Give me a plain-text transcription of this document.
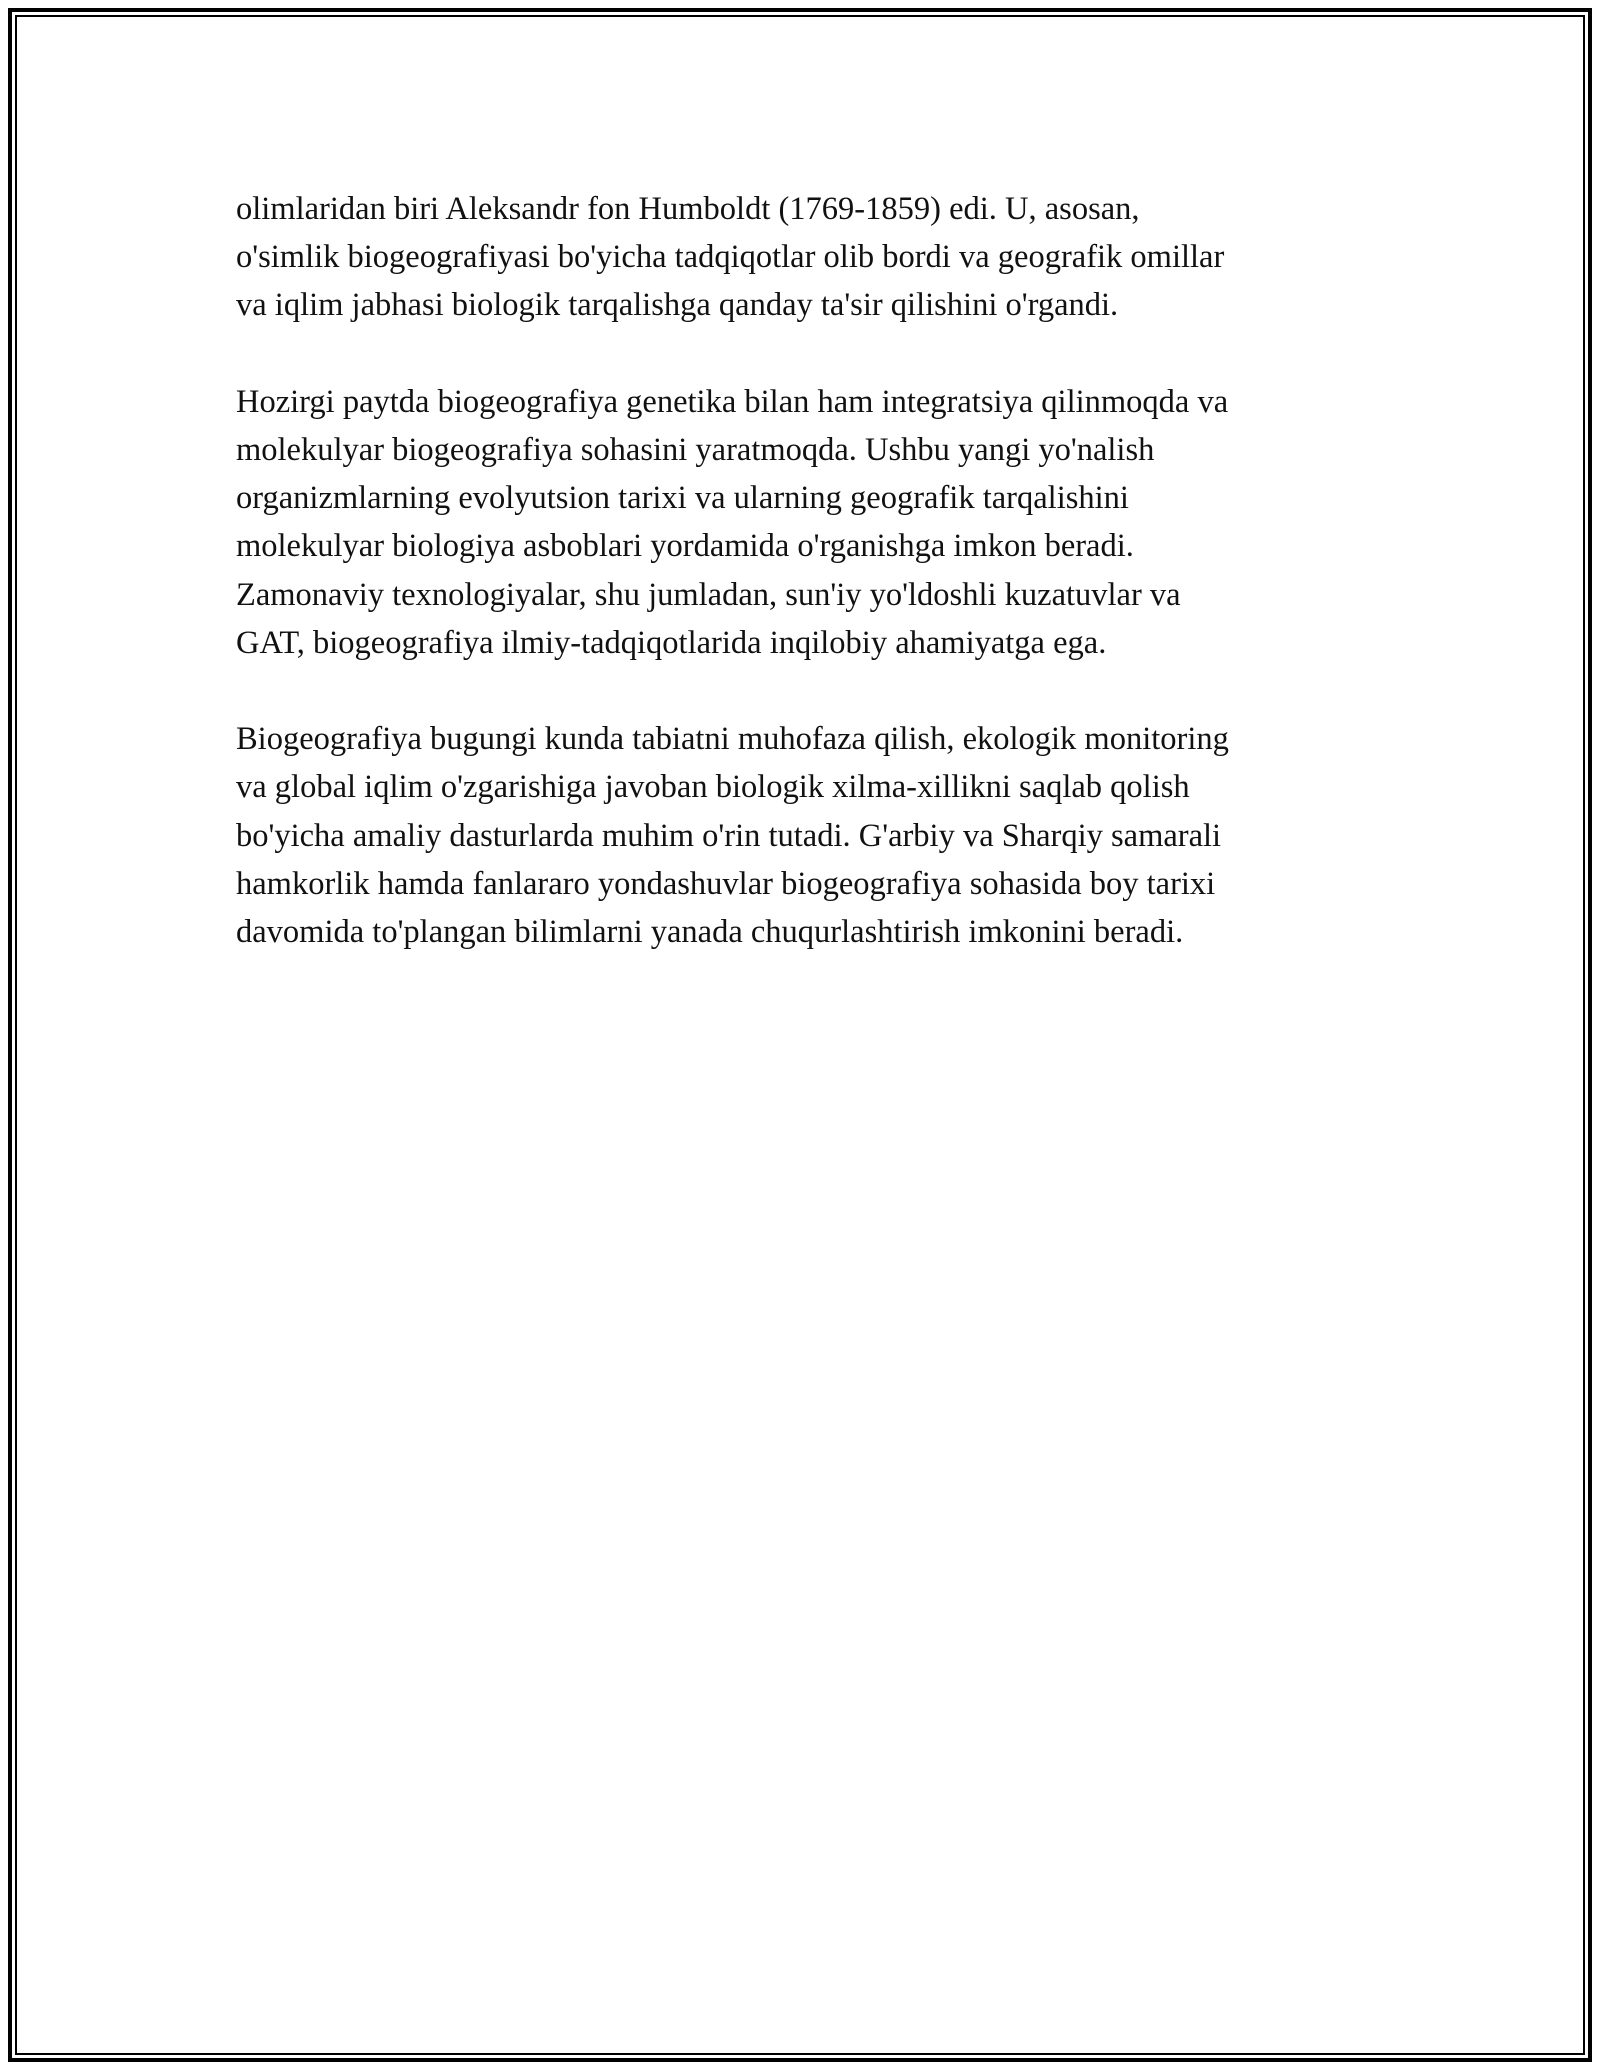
olimlaridan biri Aleksandr fon Humboldt (1769-1859) edi. U, asosan,
o'simlik biogeografiyasi bo'yicha tadqiqotlar olib bordi va geografik omillar
va iqlim jabhasi biologik tarqalishga qanday ta'sir qilishini o'rgandi.
Hozirgi paytda biogeografiya genetika bilan ham integratsiya qilinmoqda va
molekulyar biogeografiya sohasini yaratmoqda. Ushbu yangi yo'nalish
organizmlarning evolyutsion tarixi va ularning geografik tarqalishini
molekulyar biologiya asboblari yordamida o'rganishga imkon beradi.
Zamonaviy texnologiyalar, shu jumladan, sun'iy yo'ldoshli kuzatuvlar va
GAT, biogeografiya ilmiy-tadqiqotlarida inqilobiy ahamiyatga ega.
Biogeografiya bugungi kunda tabiatni muhofaza qilish, ekologik monitoring
va global iqlim o'zgarishiga javoban biologik xilma-xillikni saqlab qolish
bo'yicha amaliy dasturlarda muhim o'rin tutadi. G'arbiy va Sharqiy samarali
hamkorlik hamda fanlararo yondashuvlar biogeografiya sohasida boy tarixi
davomida to'plangan bilimlarni yanada chuqurlashtirish imkonini beradi.
